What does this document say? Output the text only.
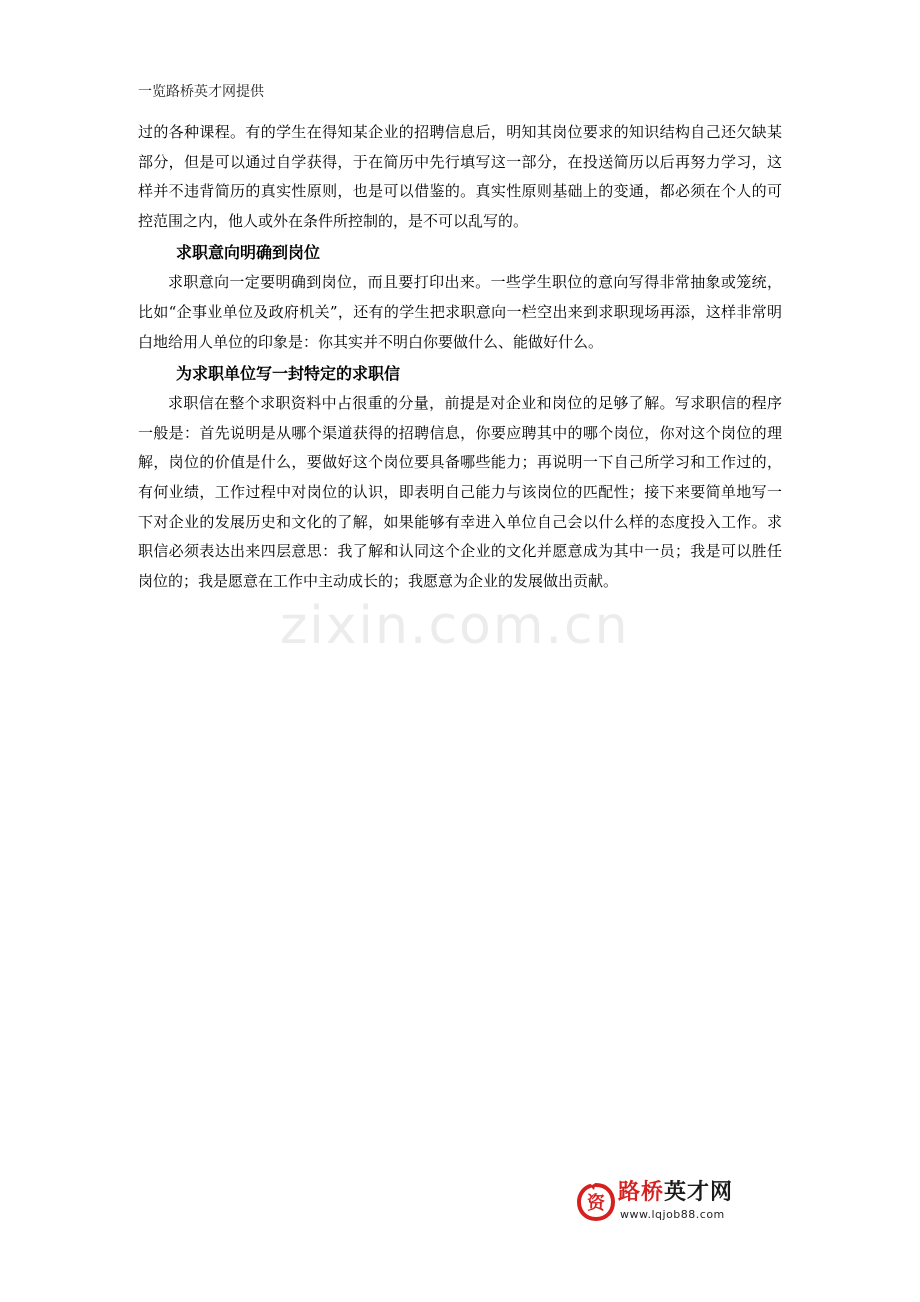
一览路桥英才网提供

过的各种课程。有的学生在得知某企业的招聘信息后，明知其岗位要求的知识结构自己还欠缺某部分，但是可以通过自学获得，于在简历中先行填写这一部分，在投送简历以后再努力学习，这样并不违背简历的真实性原则，也是可以借鉴的。真实性原则基础上的变通，都必须在个人的可控范围之内，他人或外在条件所控制的，是不可以乱写的。

求职意向明确到岗位

求职意向一定要明确到岗位，而且要打印出来。一些学生职位的意向写得非常抽象或笼统，比如“企事业单位及政府机关”，还有的学生把求职意向一栏空出来到求职现场再添，这样非常明白地给用人单位的印象是：你其实并不明白你要做什么、能做好什么。

为求职单位写一封特定的求职信

求职信在整个求职资料中占很重的分量，前提是对企业和岗位的足够了解。写求职信的程序一般是：首先说明是从哪个渠道获得的招聘信息，你要应聘其中的哪个岗位，你对这个岗位的理解，岗位的价值是什么，要做好这个岗位要具备哪些能力；再说明一下自己所学习和工作过的，有何业绩，工作过程中对岗位的认识，即表明自己能力与该岗位的匹配性；接下来要简单地写一下对企业的发展历史和文化的了解，如果能够有幸进入单位自己会以什么样的态度投入工作。求职信必须表达出来四层意思：我了解和认同这个企业的文化并愿意成为其中一员；我是可以胜任岗位的；我是愿意在工作中主动成长的；我愿意为企业的发展做出贡献。

zixin.com.cn
资 路桥英才网
www.lqjob88.com
